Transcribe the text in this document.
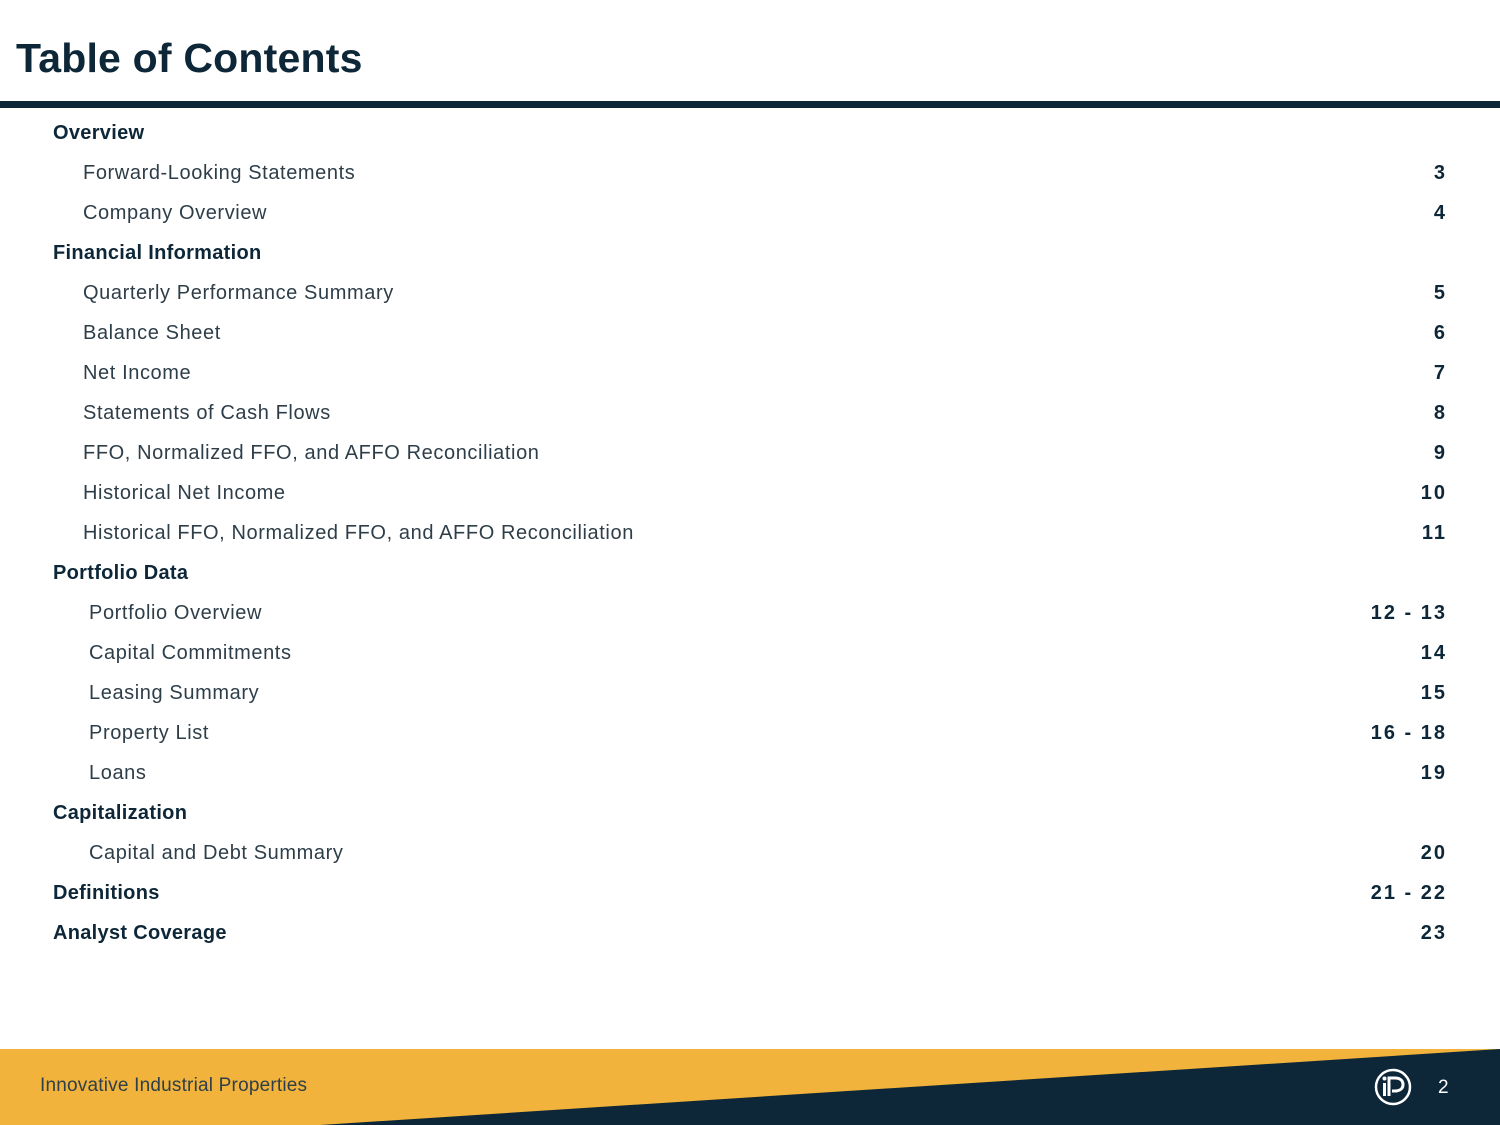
Table of Contents
Overview
Forward-Looking Statements	3
Company Overview	4
Financial Information
Quarterly Performance Summary	5
Balance Sheet	6
Net Income	7
Statements of Cash Flows	8
FFO, Normalized FFO, and AFFO Reconciliation	9
Historical Net Income	10
Historical FFO, Normalized FFO, and AFFO Reconciliation	11
Portfolio Data
Portfolio Overview	12 - 13
Capital Commitments	14
Leasing Summary	15
Property List	16 - 18
Loans	19
Capitalization
Capital and Debt Summary	20
Definitions	21 - 22
Analyst Coverage	23
Innovative Industrial Properties	2
